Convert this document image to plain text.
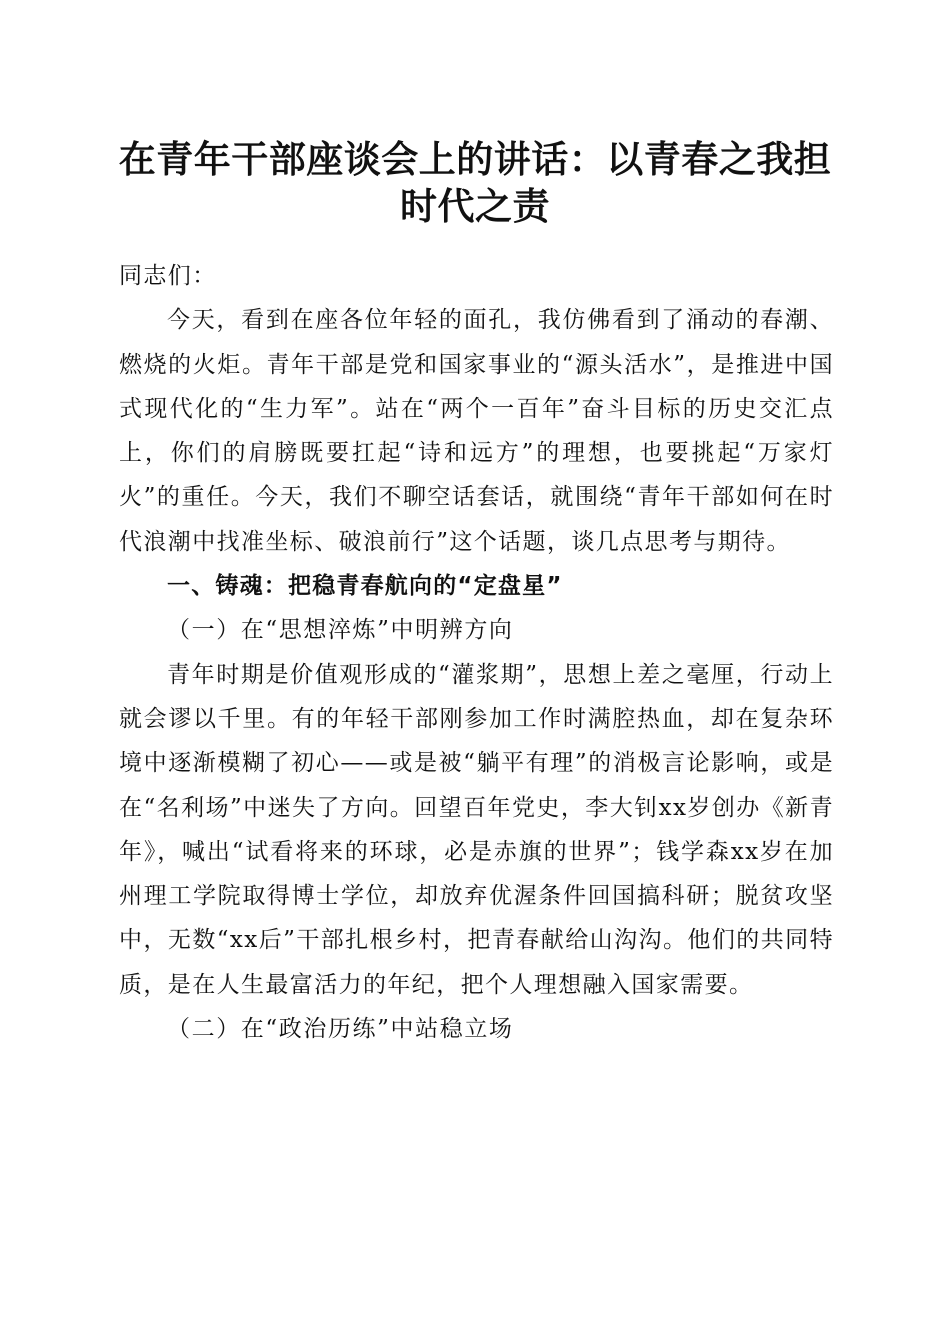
在青年干部座谈会上的讲话：以青春之我担时代之责

同志们：

今天，看到在座各位年轻的面孔，我仿佛看到了涌动的春潮、燃烧的火炬。青年干部是党和国家事业的“源头活水”，是推进中国式现代化的“生力军”。站在“两个一百年”奋斗目标的历史交汇点上，你们的肩膀既要扛起“诗和远方”的理想，也要挑起“万家灯火”的重任。今天，我们不聊空话套话，就围绕“青年干部如何在时代浪潮中找准坐标、破浪前行”这个话题，谈几点思考与期待。

一、铸魂：把稳青春航向的“定盘星”

（一）在“思想淬炼”中明辨方向

青年时期是价值观形成的“灌浆期”，思想上差之毫厘，行动上就会谬以千里。有的年轻干部刚参加工作时满腔热血，却在复杂环境中逐渐模糊了初心——或是被“躺平有理”的消极言论影响，或是在“名利场”中迷失了方向。回望百年党史，李大钊xx岁创办《新青年》，喊出“试看将来的环球，必是赤旗的世界”；钱学森xx岁在加州理工学院取得博士学位，却放弃优渥条件回国搞科研；脱贫攻坚中，无数“xx后”干部扎根乡村，把青春献给山沟沟。他们的共同特质，是在人生最富活力的年纪，把个人理想融入国家需要。

（二）在“政治历练”中站稳立场
